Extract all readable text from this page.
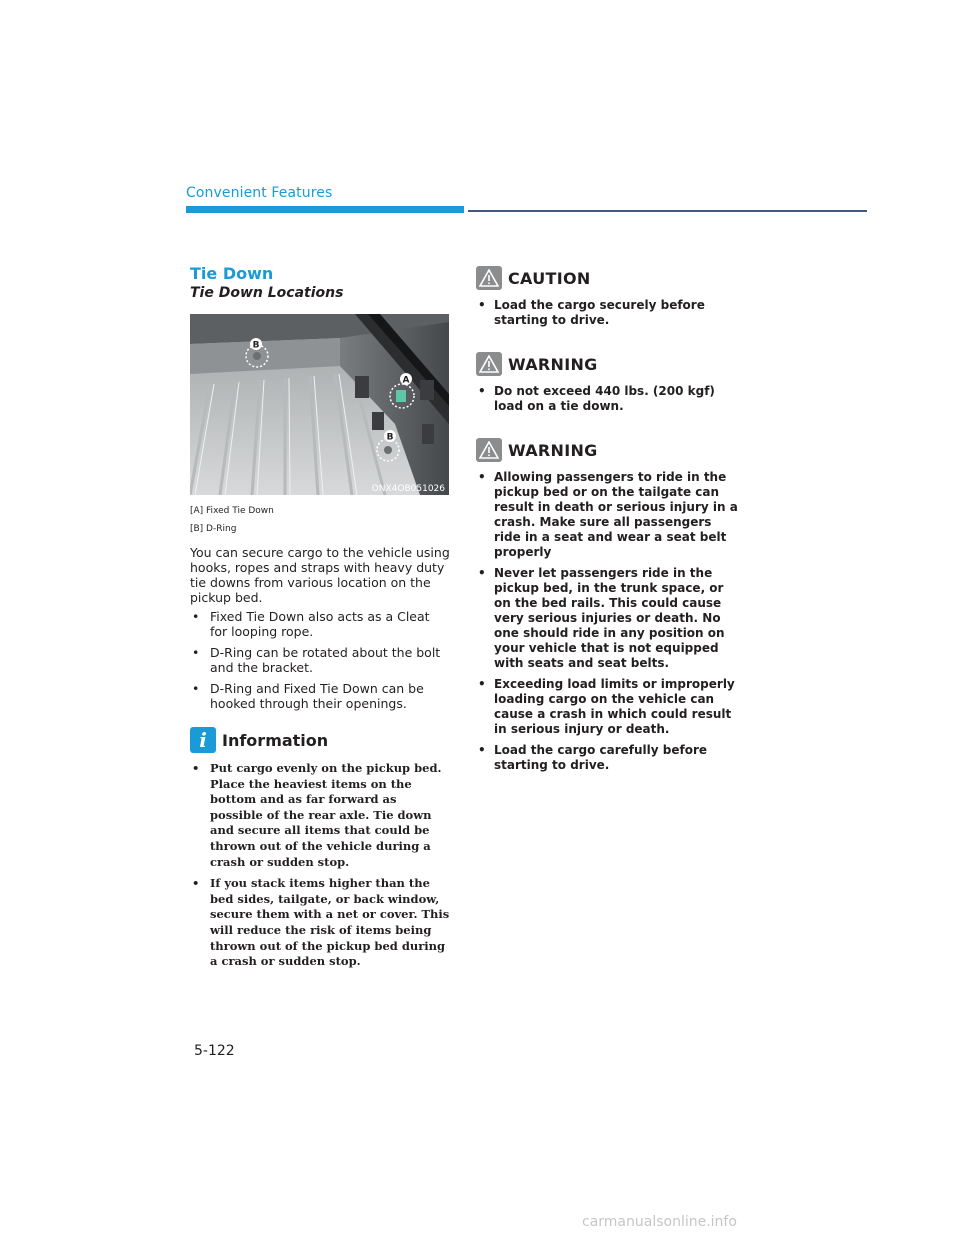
Convenient Features
Tie Down
Tie Down Locations
B
A
B
ONX4OB051026

[A] Fixed Tie Down

[B] D-Ring

You can secure cargo to the vehicle using hooks, ropes and straps with heavy duty tie downs from various location on the pickup bed.

• Fixed Tie Down also acts as a Cleat for looping rope.
• D-Ring can be rotated about the bolt and the bracket.
• D-Ring and Fixed Tie Down can be hooked through their openings.
i Information
• Put cargo evenly on the pickup bed. Place the heaviest items on the bottom and as far forward as possible of the rear axle. Tie down and secure all items that could be thrown out of the vehicle during a crash or sudden stop.
• If you stack items higher than the bed sides, tailgate, or back window, secure them with a net or cover. This will reduce the risk of items being thrown out of the pickup bed during a crash or sudden stop.
CAUTION
• Load the cargo securely before starting to drive.
WARNING
• Do not exceed 440 lbs. (200 kgf) load on a tie down.
WARNING
• Allowing passengers to ride in the pickup bed or on the tailgate can result in death or serious injury in a crash. Make sure all passengers ride in a seat and wear a seat belt properly
• Never let passengers ride in the pickup bed, in the trunk space, or on the bed rails. This could cause very serious injuries or death. No one should ride in any position on your vehicle that is not equipped with seats and seat belts.
• Exceeding load limits or improperly loading cargo on the vehicle can cause a crash in which could result in serious injury or death.
• Load the cargo carefully before starting to drive.
5-122
carmanualsonline.info
